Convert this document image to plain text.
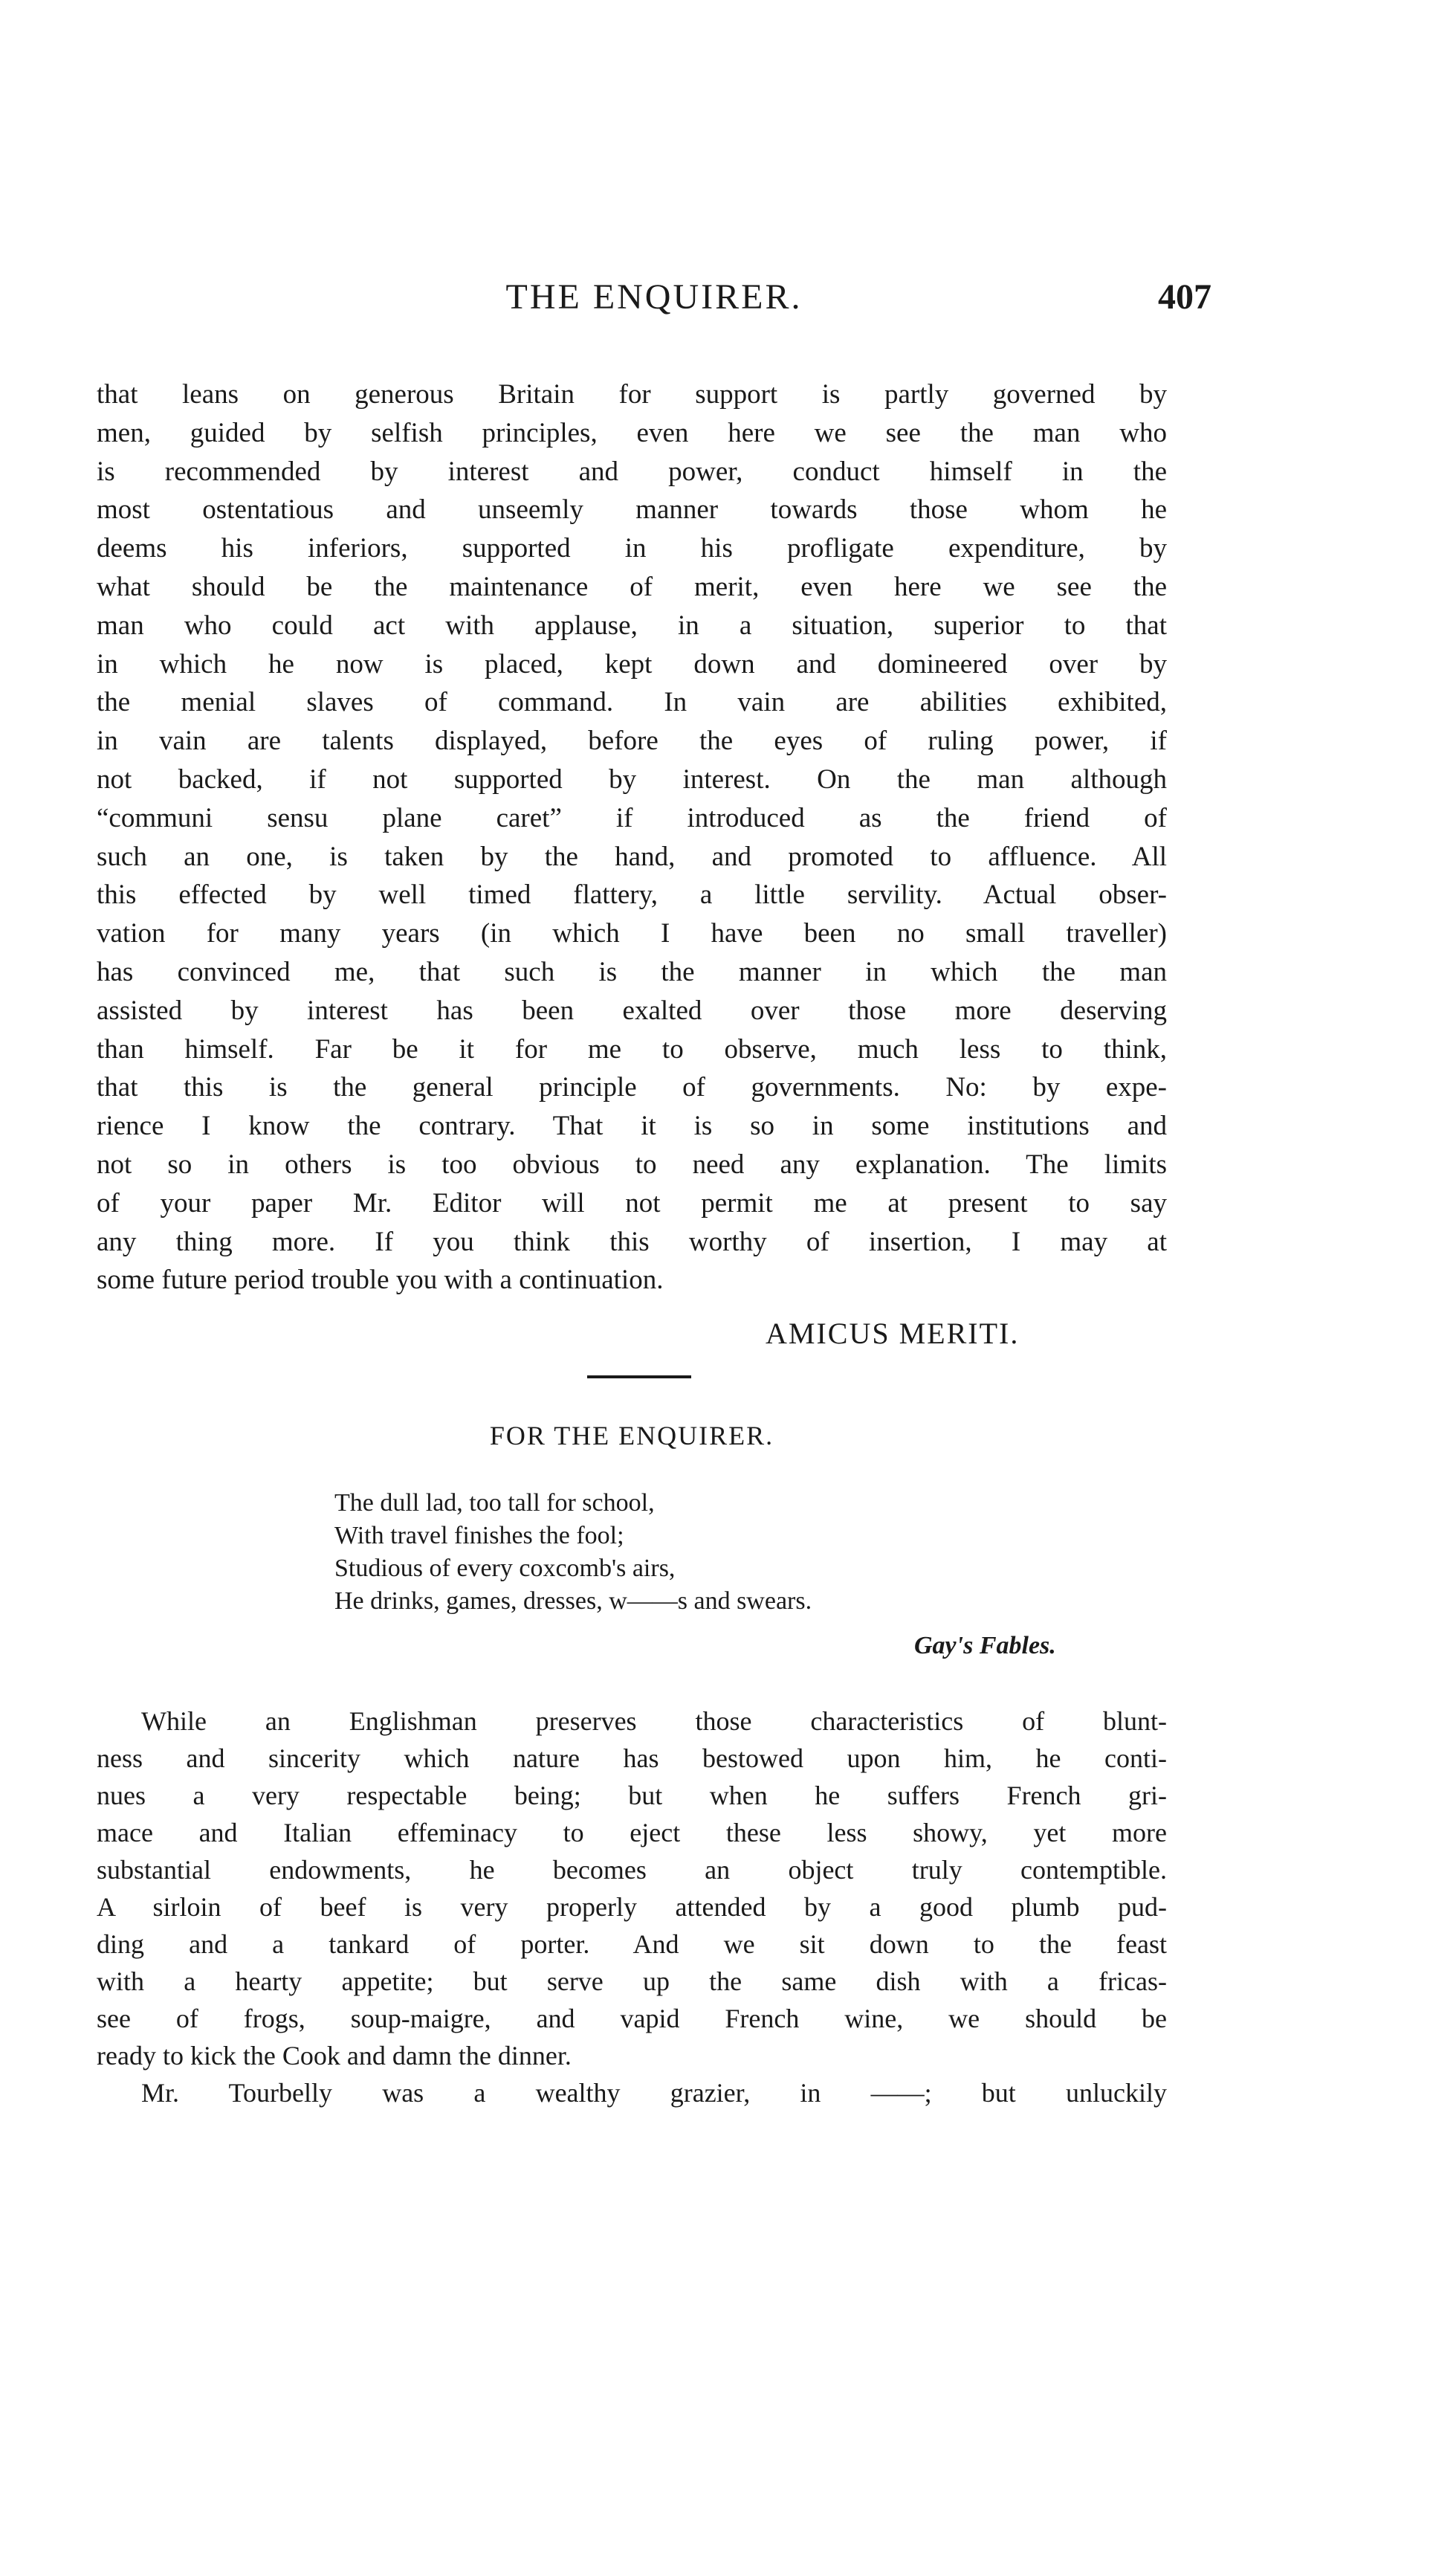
THE ENQUIRER.	407
that leans on generous Britain for support is partly governed by
men, guided by selfish principles, even here we see the man who
is recommended by interest and power, conduct himself in the
most ostentatious and unseemly manner towards those whom he
deems his inferiors, supported in his profligate expenditure, by
what should be the maintenance of merit, even here we see the
man who could act with applause, in a situation, superior to that
in which he now is placed, kept down and domineered over by
the menial slaves of command. In vain are abilities exhibited,
in vain are talents displayed, before the eyes of ruling power, if
not backed, if not supported by interest. On the man although
“communi sensu plane caret” if introduced as the friend of
such an one, is taken by the hand, and promoted to affluence. All
this effected by well timed flattery, a little servility. Actual obser-
vation for many years (in which I have been no small traveller)
has convinced me, that such is the manner in which the man
assisted by interest has been exalted over those more deserving
than himself. Far be it for me to observe, much less to think,
that this is the general principle of governments. No: by expe-
rience I know the contrary. That it is so in some institutions and
not so in others is too obvious to need any explanation. The limits
of your paper Mr. Editor will not permit me at present to say
any thing more. If you think this worthy of insertion, I may at
some future period trouble you with a continuation.
AMICUS MERITI.
FOR THE ENQUIRER.
The dull lad, too tall for school,
With travel finishes the fool;
Studious of every coxcomb's airs,
He drinks, games, dresses, w——s and swears.
Gay's Fables.
While an Englishman preserves those characteristics of blunt-
ness and sincerity which nature has bestowed upon him, he conti-
nues a very respectable being; but when he suffers French gri-
mace and Italian effeminacy to eject these less showy, yet more
substantial endowments, he becomes an object truly contemptible.
A sirloin of beef is very properly attended by a good plumb pud-
ding and a tankard of porter. And we sit down to the feast
with a hearty appetite; but serve up the same dish with a fricas-
see of frogs, soup-maigre, and vapid French wine, we should be
ready to kick the Cook and damn the dinner.
Mr. Tourbelly was a wealthy grazier, in ——; but unluckily
